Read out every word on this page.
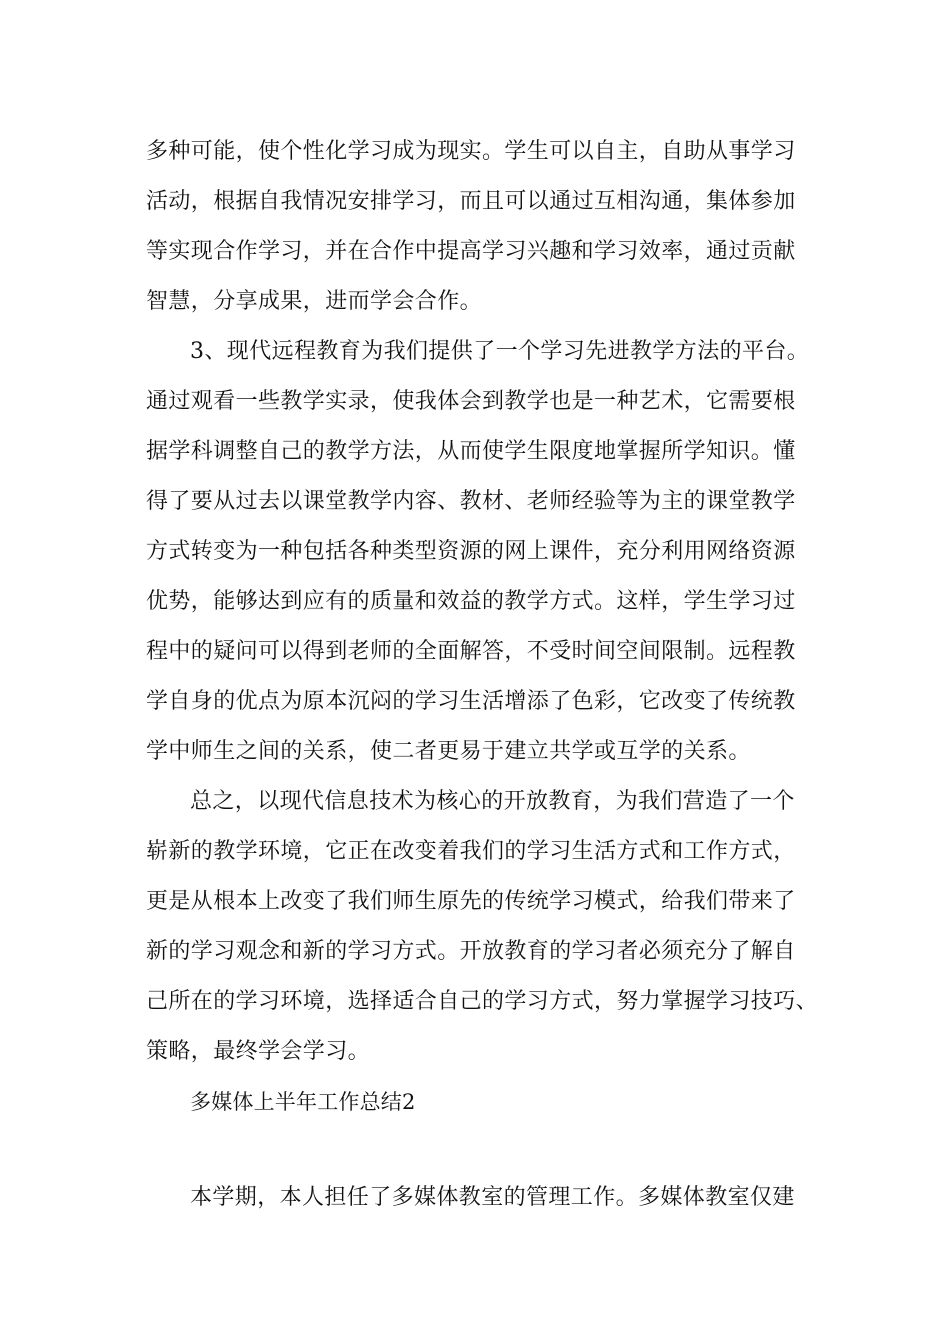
多种可能，使个性化学习成为现实。学生可以自主，自助从事学习
活动，根据自我情况安排学习，而且可以通过互相沟通，集体参加
等实现合作学习，并在合作中提高学习兴趣和学习效率，通过贡献
智慧，分享成果，进而学会合作。
3、现代远程教育为我们提供了一个学习先进教学方法的平台。
通过观看一些教学实录，使我体会到教学也是一种艺术，它需要根
据学科调整自己的教学方法，从而使学生限度地掌握所学知识。懂
得了要从过去以课堂教学内容、教材、老师经验等为主的课堂教学
方式转变为一种包括各种类型资源的网上课件，充分利用网络资源
优势，能够达到应有的质量和效益的教学方式。这样，学生学习过
程中的疑问可以得到老师的全面解答，不受时间空间限制。远程教
学自身的优点为原本沉闷的学习生活增添了色彩，它改变了传统教
学中师生之间的关系，使二者更易于建立共学或互学的关系。
总之，以现代信息技术为核心的开放教育，为我们营造了一个
崭新的教学环境，它正在改变着我们的学习生活方式和工作方式，
更是从根本上改变了我们师生原先的传统学习模式，给我们带来了
新的学习观念和新的学习方式。开放教育的学习者必须充分了解自
己所在的学习环境，选择适合自己的学习方式，努力掌握学习技巧、
策略，最终学会学习。
多媒体上半年工作总结2
本学期，本人担任了多媒体教室的管理工作。多媒体教室仅建
